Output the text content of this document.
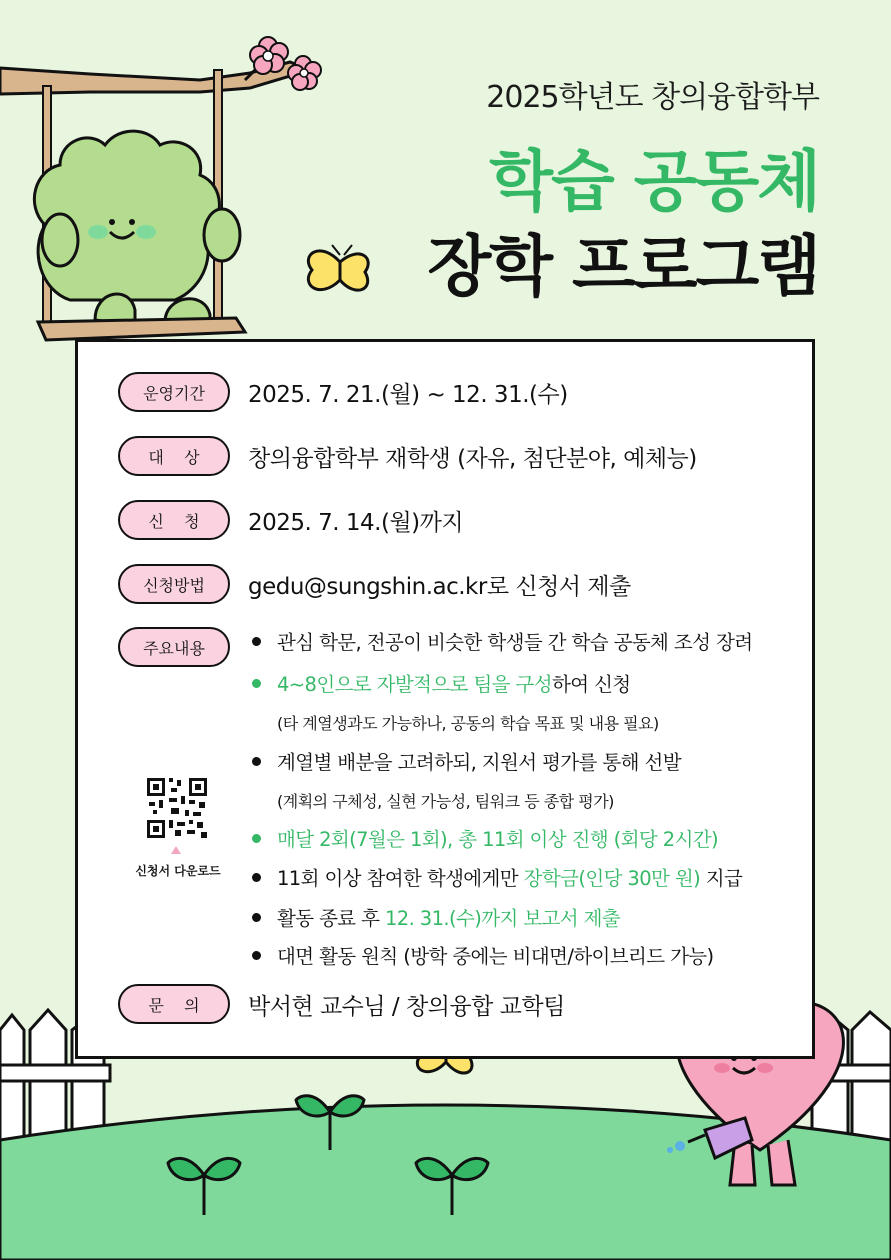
2025학년도 창의융합학부
학습 공동체
장학 프로그램
운영기간	2025. 7. 21.(월) ~ 12. 31.(수)
대    상	창의융합학부 재학생 (자유, 첨단분야, 예체능)
신    청	2025. 7. 14.(월)까지
신청방법	gedu@sungshin.ac.kr로 신청서 제출
주요내용	관심 학문, 전공이 비슷한 학생들 간 학습 공동체 조성 장려
4~8인으로 자발적으로 팀을 구성하여 신청
(타 계열생과도 가능하나, 공동의 학습 목표 및 내용 필요)
계열별 배분을 고려하되, 지원서 평가를 통해 선발
(계획의 구체성, 실현 가능성, 팀워크 등 종합 평가)
매달 2회(7월은 1회), 총 11회 이상 진행 (회당 2시간)
11회 이상 참여한 학생에게만 장학금(인당 30만 원) 지급
활동 종료 후 12. 31.(수)까지 보고서 제출
대면 활동 원칙 (방학 중에는 비대면/하이브리드 가능)
신청서 다운로드
문    의	박서현 교수님 / 창의융합 교학팀
